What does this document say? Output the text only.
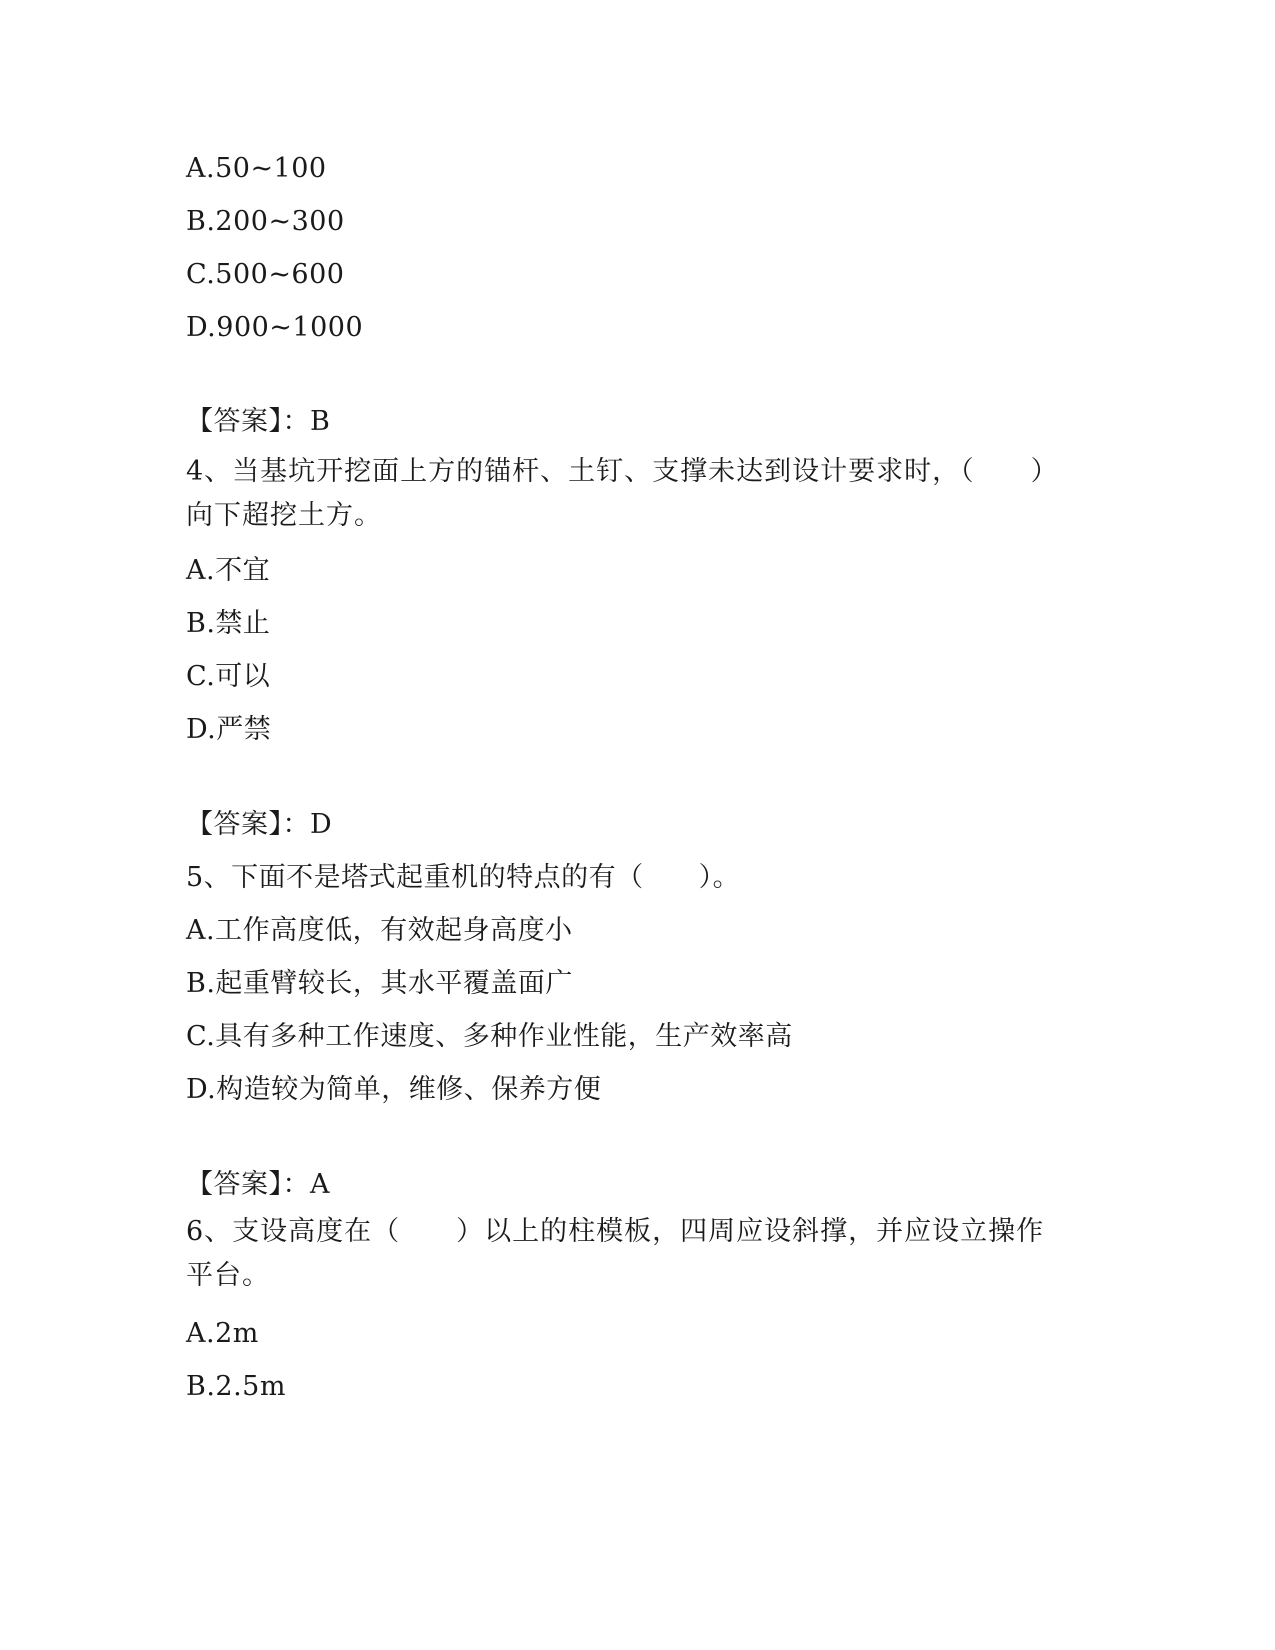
A.50~100
B.200~300
C.500~600
D.900~1000
【答案】：B
4、当基坑开挖面上方的锚杆、土钉、支撑未达到设计要求时，（　　）向下超挖土方。
A.不宜
B.禁止
C.可以
D.严禁
【答案】：D
5、下面不是塔式起重机的特点的有（　　）。
A.工作高度低，有效起身高度小
B.起重臂较长，其水平覆盖面广
C.具有多种工作速度、多种作业性能，生产效率高
D.构造较为简单，维修、保养方便
【答案】：A
6、支设高度在（　　）以上的柱模板，四周应设斜撑，并应设立操作平台。
A.2m
B.2.5m
